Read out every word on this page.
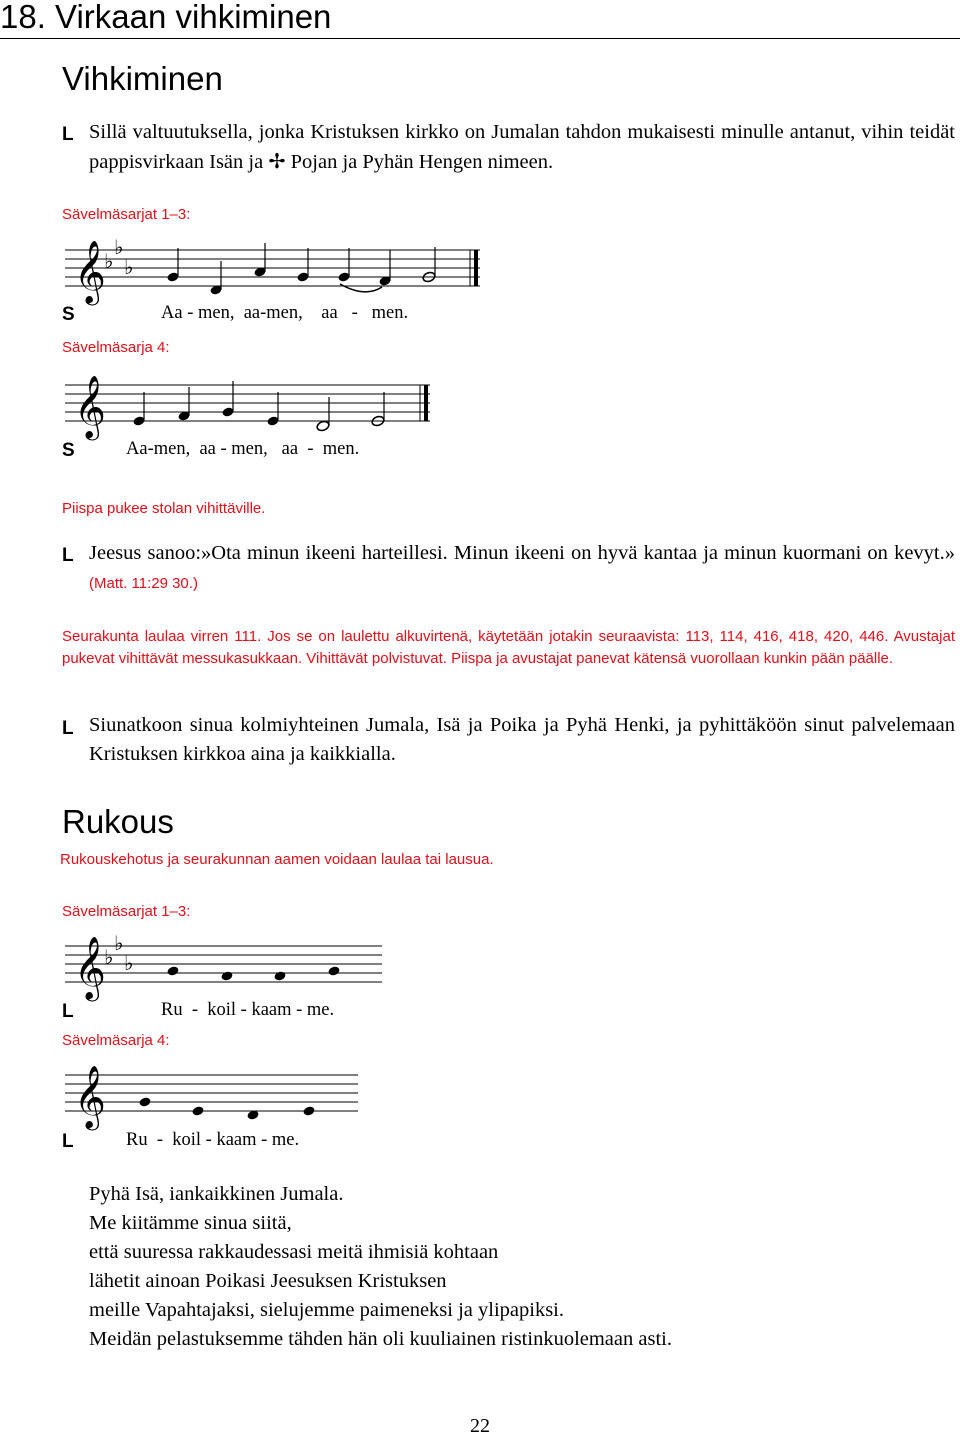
18. Virkaan vihkiminen
Vihkiminen
L Sillä valtuutuksella, jonka Kristuksen kirkko on Jumalan tahdon mukaisesti minulle antanut, vihin teidät pappisvirkaan Isän ja ✢ Pojan ja Pyhän Hengen nimeen.
Sävelmäsarjat 1–3:
𝄞
♭
♭
♭
S	Aa - men,  aa-men,    aa   -   men.
Sävelmäsarja 4:
𝄞
S	Aa-men,  aa - men,   aa  -  men.
Piispa pukee stolan vihittäville.
L Jeesus sanoo:»Ota minun ikeeni harteillesi. Minun ikeeni on hyvä kantaa ja minun kuormani on kevyt.» (Matt. 11:29 30.)
Seurakunta laulaa virren 111. Jos se on laulettu alkuvirtenä, käytetään jotakin seuraavista: 113, 114, 416, 418, 420, 446. Avustajat pukevat vihittävät messukasukkaan. Vihittävät polvistuvat. Piispa ja avustajat panevat kätensä vuorollaan kunkin pään päälle.
L Siunatkoon sinua kolmiyhteinen Jumala, Isä ja Poika ja Pyhä Henki, ja pyhittäköön sinut palvelemaan Kristuksen kirkkoa aina ja kaikkialla.
Rukous
Rukouskehotus ja seurakunnan aamen voidaan laulaa tai lausua.
Sävelmäsarjat 1–3:
𝄞
♭
♭
♭
L	Ru  -  koil - kaam - me.
Sävelmäsarja 4:
𝄞
L	Ru  -  koil - kaam - me.
Pyhä Isä, iankaikkinen Jumala.
Me kiitämme sinua siitä,
että suuressa rakkaudessasi meitä ihmisiä kohtaan
lähetit ainoan Poikasi Jeesuksen Kristuksen
meille Vapahtajaksi, sielujemme paimeneksi ja ylipapiksi.
Meidän pelastuksemme tähden hän oli kuuliainen ristinkuolemaan asti.
22
